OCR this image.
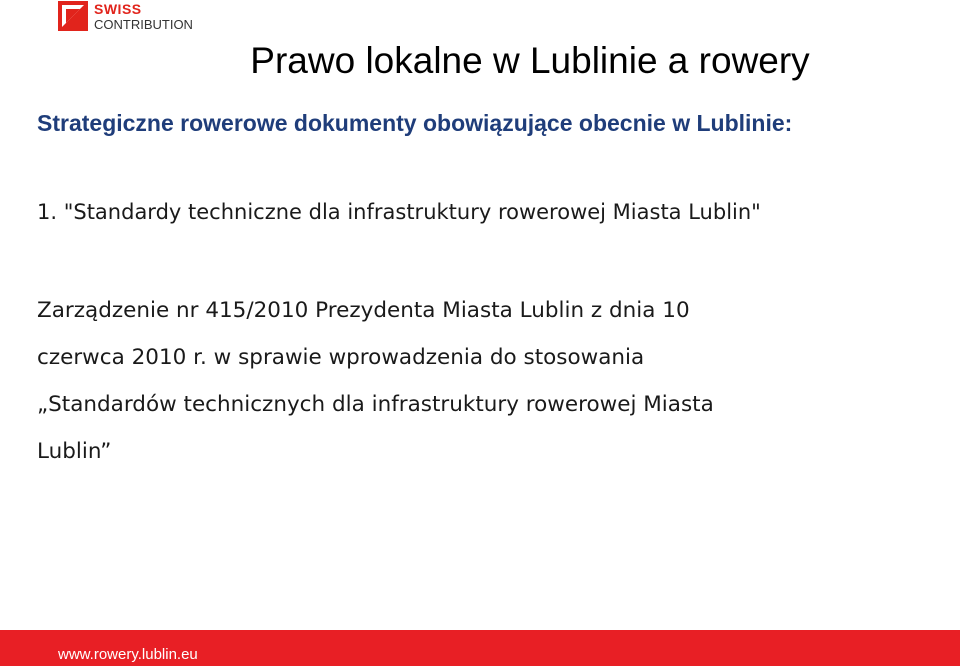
SWISS
CONTRIBUTION
Prawo lokalne w Lublinie a rowery
Strategiczne rowerowe dokumenty obowiązujące obecnie w Lublinie:
1. "Standardy techniczne dla infrastruktury rowerowej Miasta Lublin"
Zarządzenie nr 415/2010 Prezydenta Miasta Lublin z dnia 10
czerwca 2010 r. w sprawie wprowadzenia do stosowania
„Standardów technicznych dla infrastruktury rowerowej Miasta
Lublin”
www.rowery.lublin.eu
